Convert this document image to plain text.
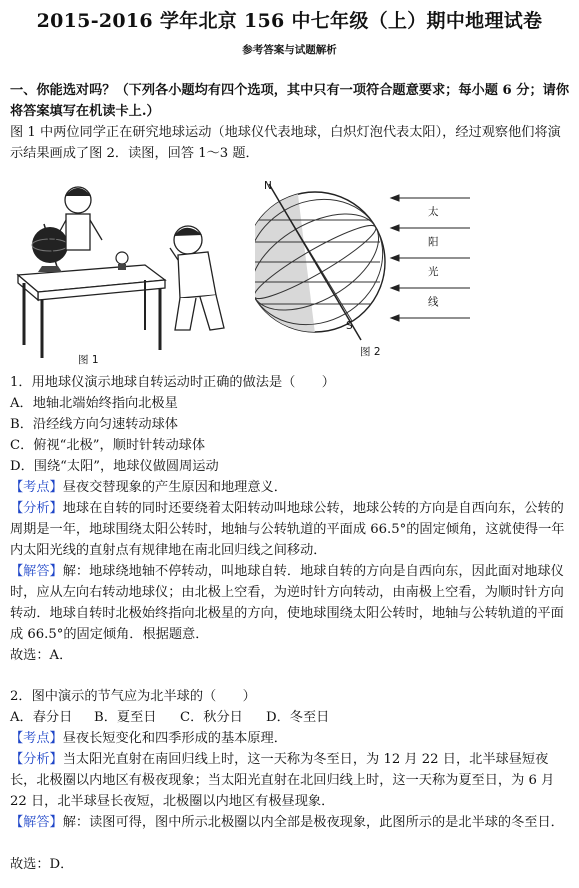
2015-2016 学年北京 156 中七年级（上）期中地理试卷
参考答案与试题解析
一、你能选对吗？（下列各小题均有四个选项，其中只有一项符合题意要求；每小题 6 分；请你将答案填写在机读卡上.）
图 1 中两位同学正在研究地球运动（地球仪代表地球，白炽灯泡代表太阳），经过观察他们将演示结果画成了图 2．读图，回答 1～3 题．
图 1
N
S
太
阳
光
线
图 2
1．用地球仪演示地球自转运动时正确的做法是（　　）
A．地轴北端始终指向北极星
B．沿经线方向匀速转动球体
C．俯视“北极”，顺时针转动球体
D．围绕“太阳”，地球仪做圆周运动
【考点】昼夜交替现象的产生原因和地理意义．
【分析】地球在自转的同时还要绕着太阳转动叫地球公转，地球公转的方向是自西向东，公转的周期是一年，地球围绕太阳公转时，地轴与公转轨道的平面成 66.5°的固定倾角，这就使得一年内太阳光线的直射点有规律地在南北回归线之间移动．
【解答】解：地球绕地轴不停转动，叫地球自转．地球自转的方向是自西向东，因此面对地球仪时，应从左向右转动地球仪；由北极上空看，为逆时针方向转动，由南极上空看，为顺时针方向转动．地球自转时北极始终指向北极星的方向，使地球围绕太阳公转时，地轴与公转轨道的平面成 66.5°的固定倾角．根据题意．
故选：A．
2．图中演示的节气应为北半球的（　　）
A．春分日 B．夏至日 C．秋分日 D．冬至日
【考点】昼夜长短变化和四季形成的基本原理．
【分析】当太阳光直射在南回归线上时，这一天称为冬至日，为 12 月 22 日，北半球昼短夜长，北极圈以内地区有极夜现象；当太阳光直射在北回归线上时，这一天称为夏至日，为 6 月 22 日，北半球昼长夜短，北极圈以内地区有极昼现象．
【解答】解：读图可得，图中所示北极圈以内全部是极夜现象，此图所示的是北半球的冬至日．
故选：D．
